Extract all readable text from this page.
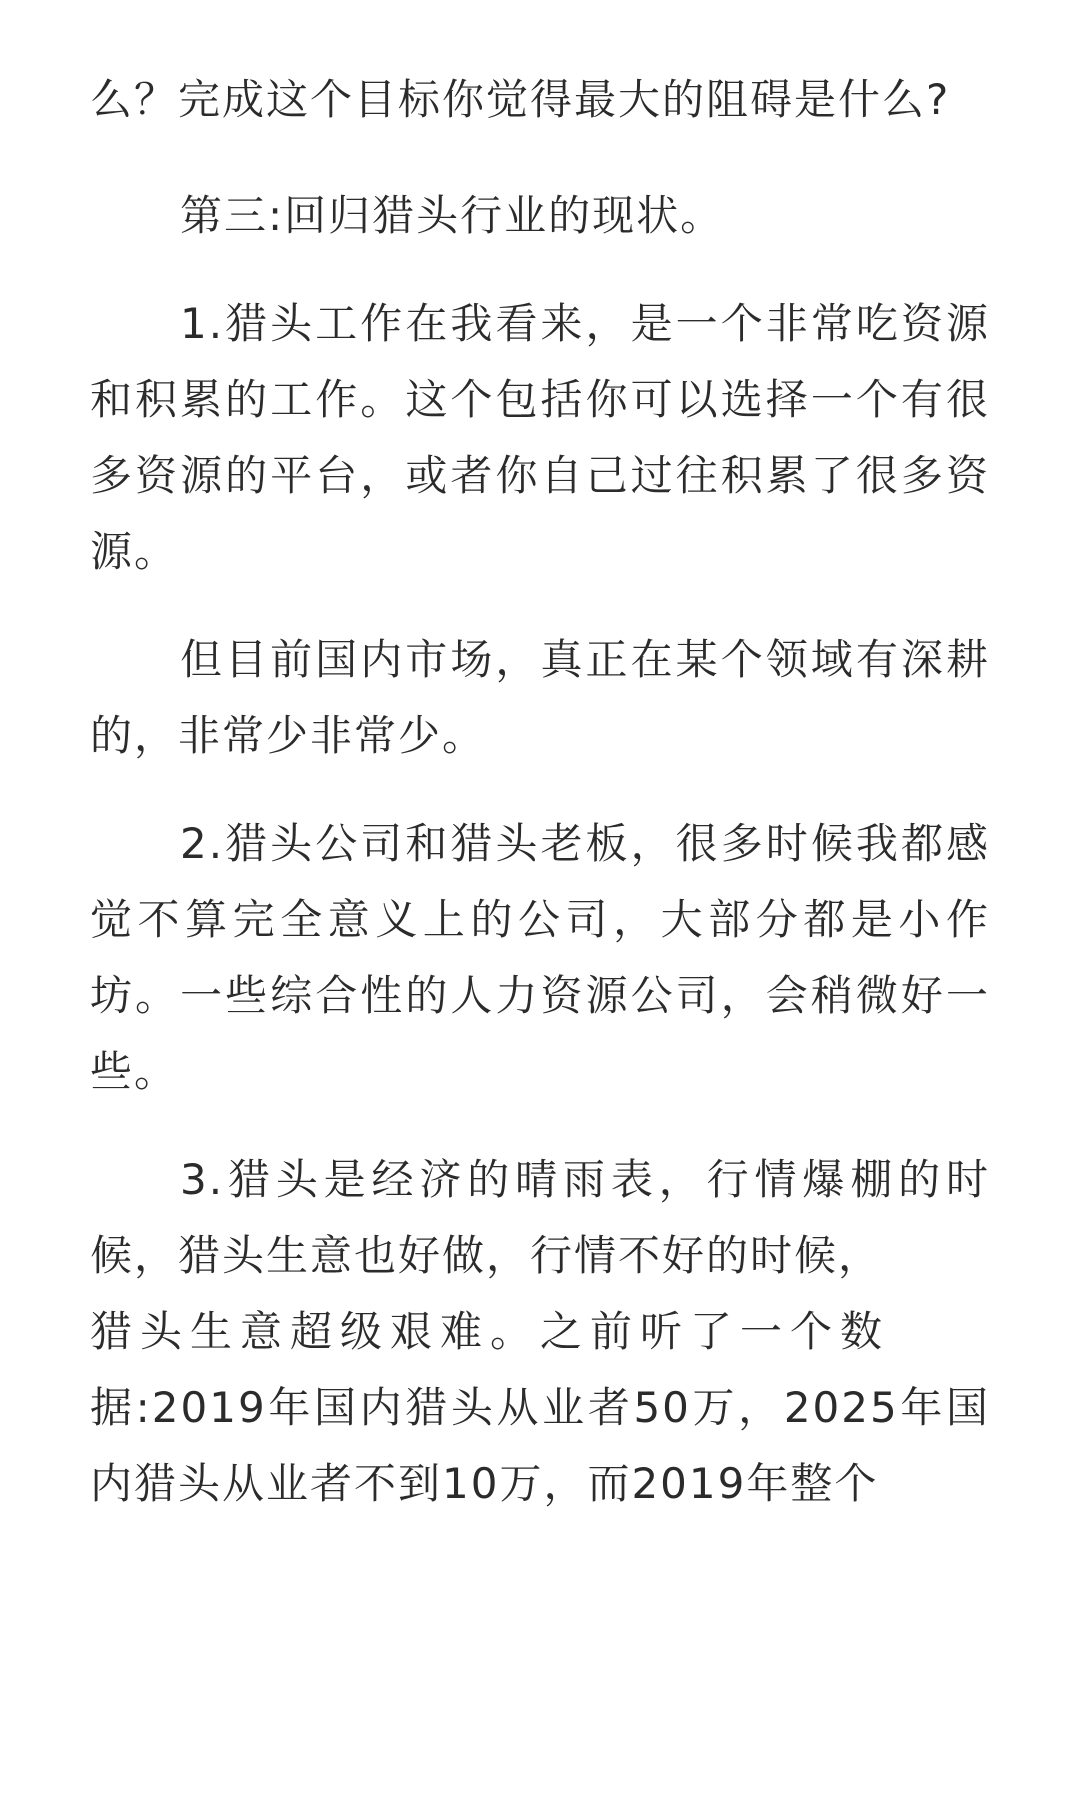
么？完成这个目标你觉得最大的阻碍是什么?

第三:回归猎头行业的现状。

1.猎头工作在我看来，是一个非常吃资源和积累的工作。这个包括你可以选择一个有很多资源的平台，或者你自己过往积累了很多资源。

但目前国内市场，真正在某个领域有深耕的，非常少非常少。

2.猎头公司和猎头老板，很多时候我都感觉不算完全意义上的公司，大部分都是小作坊。一些综合性的人力资源公司，会稍微好一些。

3.猎头是经济的晴雨表，行情爆棚的时候，猎头生意也好做，行情不好的时候，

猎头生意超级艰难。之前听了一个数

据:2019年国内猎头从业者50万，2025年国内猎头从业者不到10万，而2019年整个
